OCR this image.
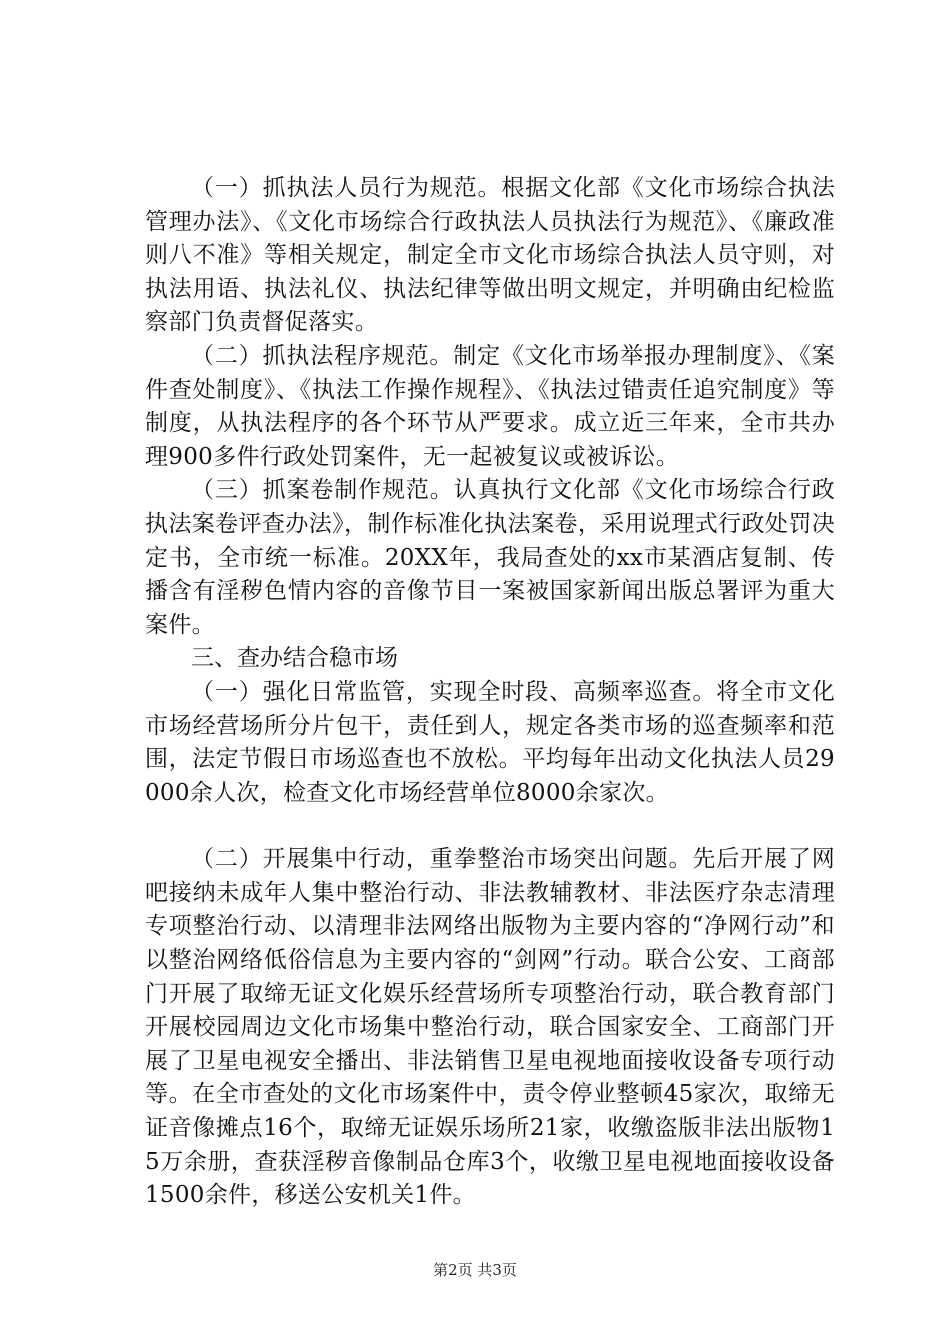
（一）抓执法人员行为规范。根据文化部《文化市场综合执法管理办法》、《文化市场综合行政执法人员执法行为规范》、《廉政准则八不准》等相关规定，制定全市文化市场综合执法人员守则，对执法用语、执法礼仪、执法纪律等做出明文规定，并明确由纪检监察部门负责督促落实。

（二）抓执法程序规范。制定《文化市场举报办理制度》、《案件查处制度》、《执法工作操作规程》、《执法过错责任追究制度》等制度，从执法程序的各个环节从严要求。成立近三年来，全市共办理900多件行政处罚案件，无一起被复议或被诉讼。

（三）抓案卷制作规范。认真执行文化部《文化市场综合行政执法案卷评查办法》，制作标准化执法案卷，采用说理式行政处罚决定书，全市统一标准。20XX年，我局查处的xx市某酒店复制、传播含有淫秽色情内容的音像节目一案被国家新闻出版总署评为重大案件。

三、查办结合稳市场

（一）强化日常监管，实现全时段、高频率巡查。将全市文化市场经营场所分片包干，责任到人，规定各类市场的巡查频率和范围，法定节假日市场巡查也不放松。平均每年出动文化执法人员29000余人次，检查文化市场经营单位8000余家次。

（二）开展集中行动，重拳整治市场突出问题。先后开展了网吧接纳未成年人集中整治行动、非法教辅教材、非法医疗杂志清理专项整治行动、以清理非法网络出版物为主要内容的“净网行动”和以整治网络低俗信息为主要内容的“剑网”行动。联合公安、工商部门开展了取缔无证文化娱乐经营场所专项整治行动，联合教育部门开展校园周边文化市场集中整治行动，联合国家安全、工商部门开展了卫星电视安全播出、非法销售卫星电视地面接收设备专项行动等。在全市查处的文化市场案件中，责令停业整顿45家次，取缔无证音像摊点16个，取缔无证娱乐场所21家，收缴盗版非法出版物15万余册，查获淫秽音像制品仓库3个，收缴卫星电视地面接收设备1500余件，移送公安机关1件。

第2页 共3页
